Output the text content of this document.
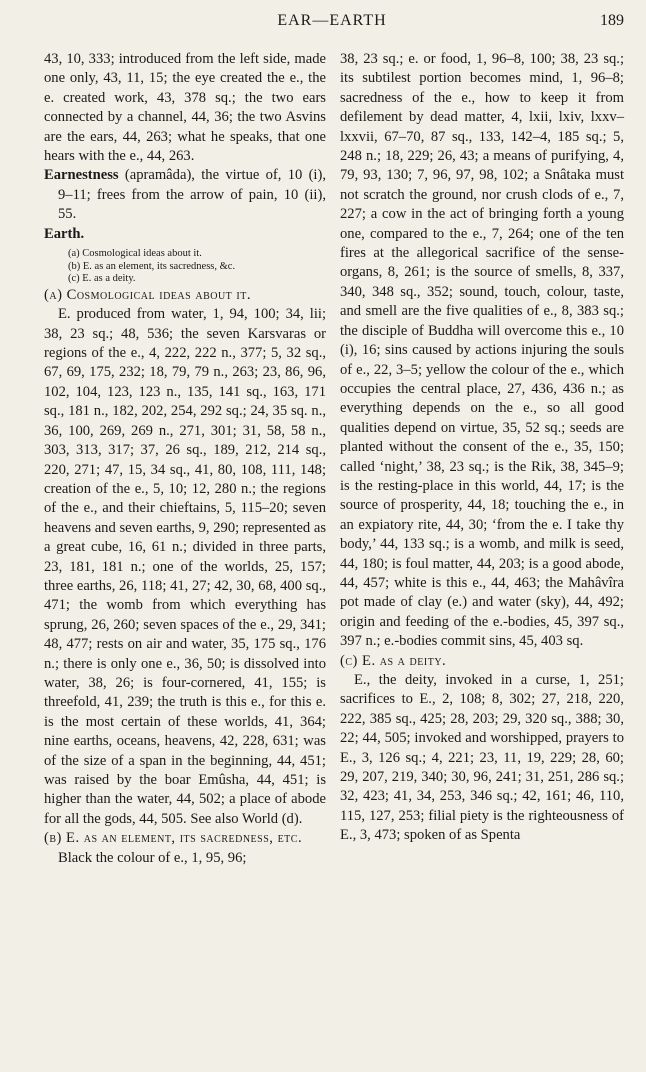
EAR—EARTH	189

43, 10, 333; introduced from the left side, made one only, 43, 11, 15; the eye created the e., the e. created work, 43, 378 sq.; the two ears connected by a channel, 44, 36; the two Asvins are the ears, 44, 263; what he speaks, that one hears with the e., 44, 263.

Earnestness (apramâda), the virtue of, 10 (i), 9–11; frees from the arrow of pain, 10 (ii), 55.

Earth.

(a) Cosmological ideas about it.
(b) E. as an element, its sacredness, &c.
(c) E. as a deity.

(a) Cosmological ideas about it.

E. produced from water, 1, 94, 100; 34, lii; 38, 23 sq.; 48, 536; the seven Karsvaras or regions of the e., 4, 222, 222 n., 377; 5, 32 sq., 67, 69, 175, 232; 18, 79, 79 n., 263; 23, 86, 96, 102, 104, 123, 123 n., 135, 141 sq., 163, 171 sq., 181 n., 182, 202, 254, 292 sq.; 24, 35 sq. n., 36, 100, 269, 269 n., 271, 301; 31, 58, 58 n., 303, 313, 317; 37, 26 sq., 189, 212, 214 sq., 220, 271; 47, 15, 34 sq., 41, 80, 108, 111, 148; creation of the e., 5, 10; 12, 280 n.; the regions of the e., and their chieftains, 5, 115–20; seven heavens and seven earths, 9, 290; represented as a great cube, 16, 61 n.; divided in three parts, 23, 181, 181 n.; one of the worlds, 25, 157; three earths, 26, 118; 41, 27; 42, 30, 68, 400 sq., 471; the womb from which everything has sprung, 26, 260; seven spaces of the e., 29, 341; 48, 477; rests on air and water, 35, 175 sq., 176 n.; there is only one e., 36, 50; is dissolved into water, 38, 26; is four-cornered, 41, 155; is threefold, 41, 239; the truth is this e., for this e. is the most certain of these worlds, 41, 364; nine earths, oceans, heavens, 42, 228, 631; was of the size of a span in the beginning, 44, 451; was raised by the boar Emûsha, 44, 451; is higher than the water, 44, 502; a place of abode for all the gods, 44, 505. See also World (d).

(b) E. as an element, its sacredness, etc.

Black the colour of e., 1, 95, 96;

38, 23 sq.; e. or food, 1, 96–8, 100; 38, 23 sq.; its subtilest portion becomes mind, 1, 96–8; sacredness of the e., how to keep it from defilement by dead matter, 4, lxii, lxiv, lxxv–lxxvii, 67–70, 87 sq., 133, 142–4, 185 sq.; 5, 248 n.; 18, 229; 26, 43; a means of purifying, 4, 79, 93, 130; 7, 96, 97, 98, 102; a Snâtaka must not scratch the ground, nor crush clods of e., 7, 227; a cow in the act of bringing forth a young one, compared to the e., 7, 264; one of the ten fires at the allegorical sacrifice of the sense-organs, 8, 261; is the source of smells, 8, 337, 340, 348 sq., 352; sound, touch, colour, taste, and smell are the five qualities of e., 8, 383 sq.; the disciple of Buddha will overcome this e., 10 (i), 16; sins caused by actions injuring the souls of e., 22, 3–5; yellow the colour of the e., which occupies the central place, 27, 436, 436 n.; as everything depends on the e., so all good qualities depend on virtue, 35, 52 sq.; seeds are planted without the consent of the e., 35, 150; called ‘night,’ 38, 23 sq.; is the Rik, 38, 345–9; is the resting-place in this world, 44, 17; is the source of prosperity, 44, 18; touching the e., in an expiatory rite, 44, 30; ‘from the e. I take thy body,’ 44, 133 sq.; is a womb, and milk is seed, 44, 180; is foul matter, 44, 203; is a good abode, 44, 457; white is this e., 44, 463; the Mahâvîra pot made of clay (e.) and water (sky), 44, 492; origin and feeding of the e.-bodies, 45, 397 sq., 397 n.; e.-bodies commit sins, 45, 403 sq.

(c) E. as a deity.

E., the deity, invoked in a curse, 1, 251; sacrifices to E., 2, 108; 8, 302; 27, 218, 220, 222, 385 sq., 425; 28, 203; 29, 320 sq., 388; 30, 22; 44, 505; invoked and worshipped, prayers to E., 3, 126 sq.; 4, 221; 23, 11, 19, 229; 28, 60; 29, 207, 219, 340; 30, 96, 241; 31, 251, 286 sq.; 32, 423; 41, 34, 253, 346 sq.; 42, 161; 46, 110, 115, 127, 253; filial piety is the righteousness of E., 3, 473; spoken of as Spenta
